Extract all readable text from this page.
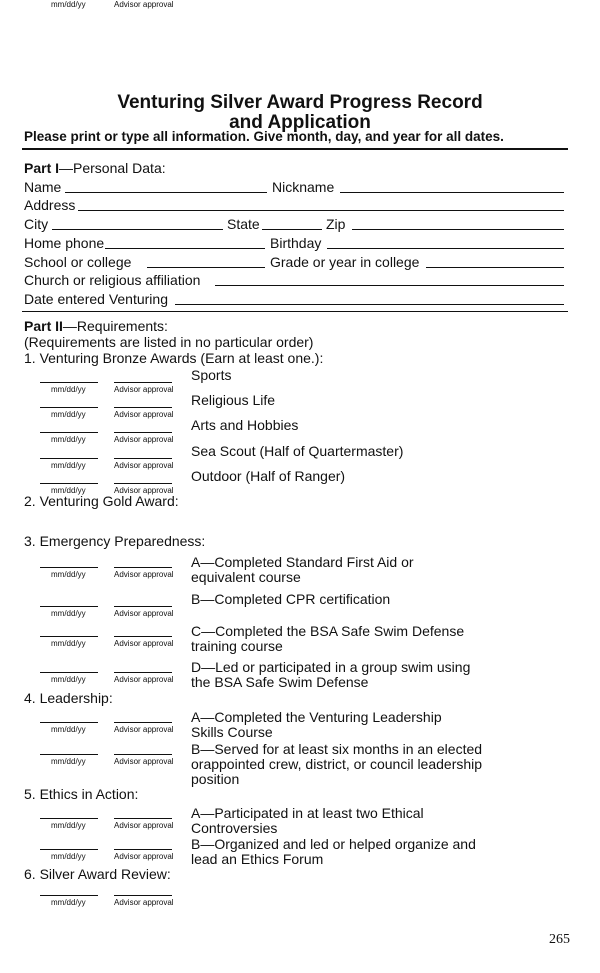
Venturing Silver Award Progress Record
and Application
Please print or type all information. Give month, day, and year for all dates.
Part I—Personal Data:
Name	Nickname
Address
City	State	Zip
Home phone	Birthday
School or college	Grade or year in college
Church or religious affiliation
Date entered Venturing
Part II—Requirements:
(Requirements are listed in no particular order)
1. Venturing Bronze Awards (Earn at least one.):
mm/dd/yy	Advisor approval
Sports
mm/dd/yy	Advisor approval
Religious Life
mm/dd/yy	Advisor approval
Arts and Hobbies
mm/dd/yy	Advisor approval
Sea Scout (Half of Quartermaster)
mm/dd/yy	Advisor approval
Outdoor (Half of Ranger)
2. Venturing Gold Award:
mm/dd/yy	Advisor approval
3. Emergency Preparedness:
mm/dd/yy	Advisor approval
A—Completed Standard First Aid or
equivalent course
mm/dd/yy	Advisor approval
B—Completed CPR certification
mm/dd/yy	Advisor approval
C—Completed the BSA Safe Swim Defense
training course
mm/dd/yy	Advisor approval
D—Led or participated in a group swim using
the BSA Safe Swim Defense
4. Leadership:
mm/dd/yy	Advisor approval
A—Completed the Venturing Leadership
Skills Course
mm/dd/yy	Advisor approval
B—Served for at least six months in an elected
orappointed crew, district, or council leadership
position
5. Ethics in Action:
mm/dd/yy	Advisor approval
A—Participated in at least two Ethical
Controversies
mm/dd/yy	Advisor approval
B—Organized and led or helped organize and
lead an Ethics Forum
6. Silver Award Review:
mm/dd/yy	Advisor approval
265
